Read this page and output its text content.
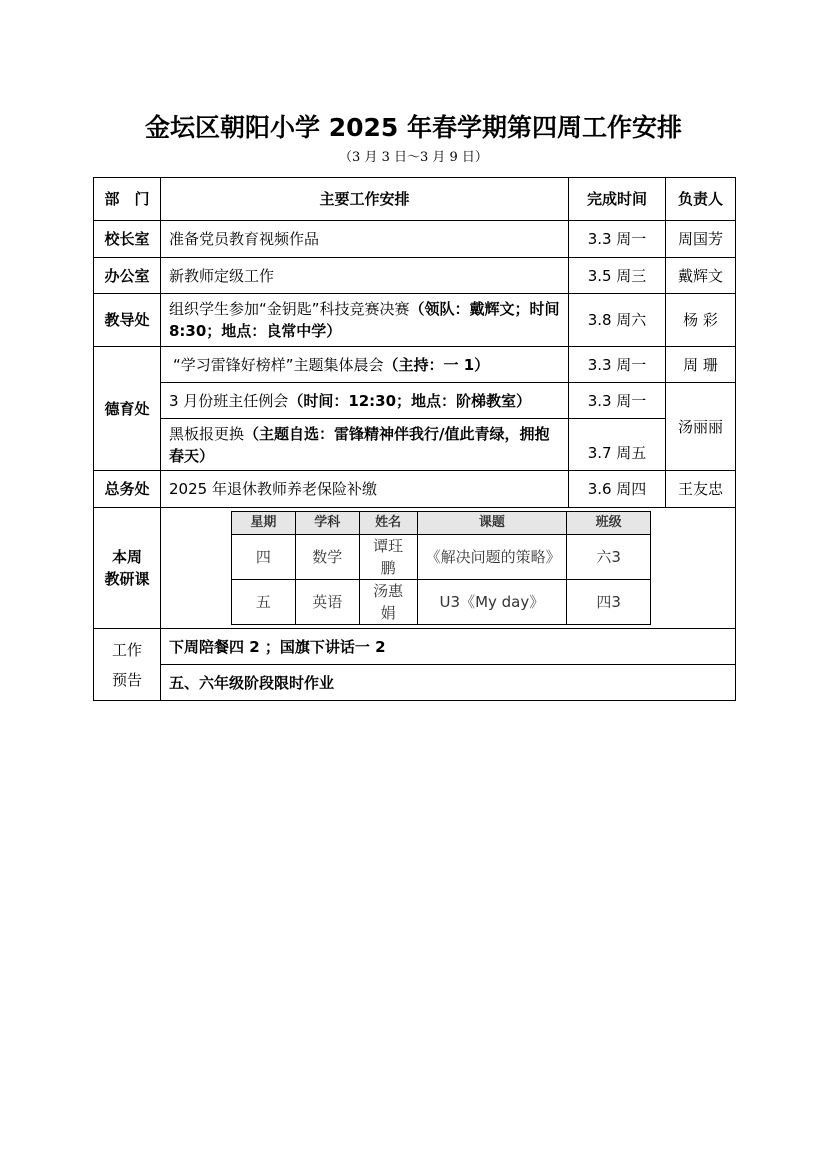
金坛区朝阳小学 2025 年春学期第四周工作安排
（3 月 3 日～3 月 9 日）
部　门	主要工作安排	完成时间	负责人
校长室	准备党员教育视频作品	3.3 周一	周国芳
办公室	新教师定级工作	3.5 周三	戴辉文
教导处	组织学生参加“金钥匙”科技竞赛决赛（领队：戴辉文；时间 8:30；地点：良常中学）	3.8 周六	杨 彩
德育处	“学习雷锋好榜样”主题集体晨会（主持：一 1）	3.3 周一	周 珊
3 月份班主任例会（时间：12:30；地点：阶梯教室）	3.3 周一	汤丽丽
黑板报更换（主题自选：雷锋精神伴我行/值此青绿，拥抱春天）	3.7 周五
总务处	2025 年退休教师养老保险补缴	3.6 周四	王友忠

本周
教研课

星期	学科	姓名	课题	班级
四	数学	谭玨鹏	《解决问题的策略》	六3
五	英语	汤惠娟	U3《My day》	四3

工作
预告
	下周陪餐四 2 ；国旗下讲话一 2
五、六年级阶段限时作业
